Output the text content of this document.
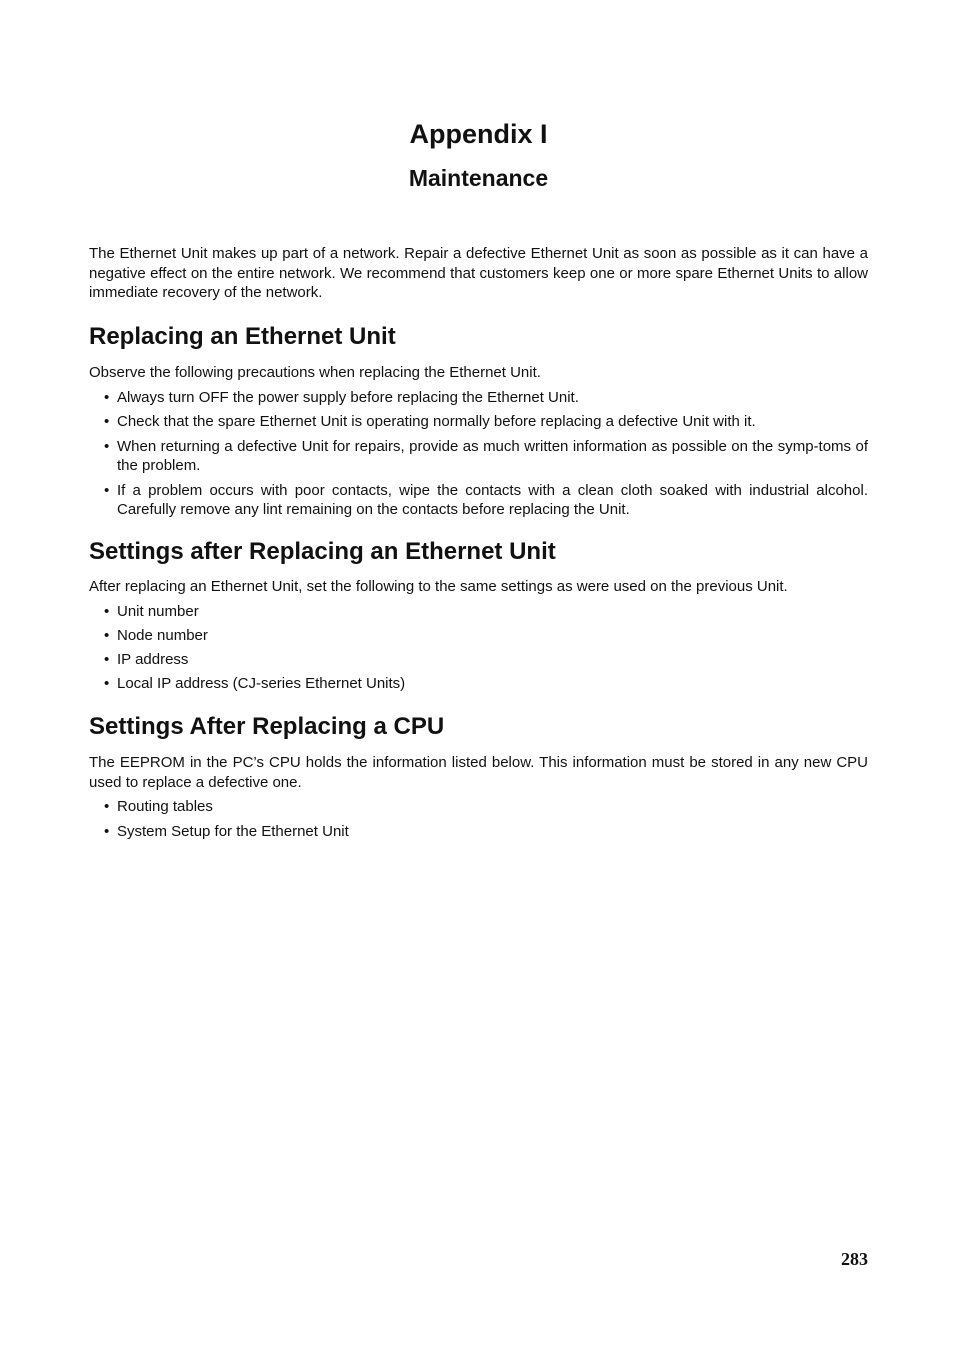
Appendix I
Maintenance

The Ethernet Unit makes up part of a network. Repair a defective Ethernet Unit as soon as possible as it can have a negative effect on the entire network. We recommend that customers keep one or more spare Ethernet Units to allow immediate recovery of the network.

Replacing an Ethernet Unit

Observe the following precautions when replacing the Ethernet Unit.

• Always turn OFF the power supply before replacing the Ethernet Unit.
• Check that the spare Ethernet Unit is operating normally before replacing a defective Unit with it.
• When returning a defective Unit for repairs, provide as much written information as possible on the symp-toms of the problem.
• If a problem occurs with poor contacts, wipe the contacts with a clean cloth soaked with industrial alcohol. Carefully remove any lint remaining on the contacts before replacing the Unit.
Settings after Replacing an Ethernet Unit

After replacing an Ethernet Unit, set the following to the same settings as were used on the previous Unit.

• Unit number
• Node number
• IP address
• Local IP address (CJ-series Ethernet Units)
Settings After Replacing a CPU

The EEPROM in the PC’s CPU holds the information listed below. This information must be stored in any new CPU used to replace a defective one.

• Routing tables
• System Setup for the Ethernet Unit
283
